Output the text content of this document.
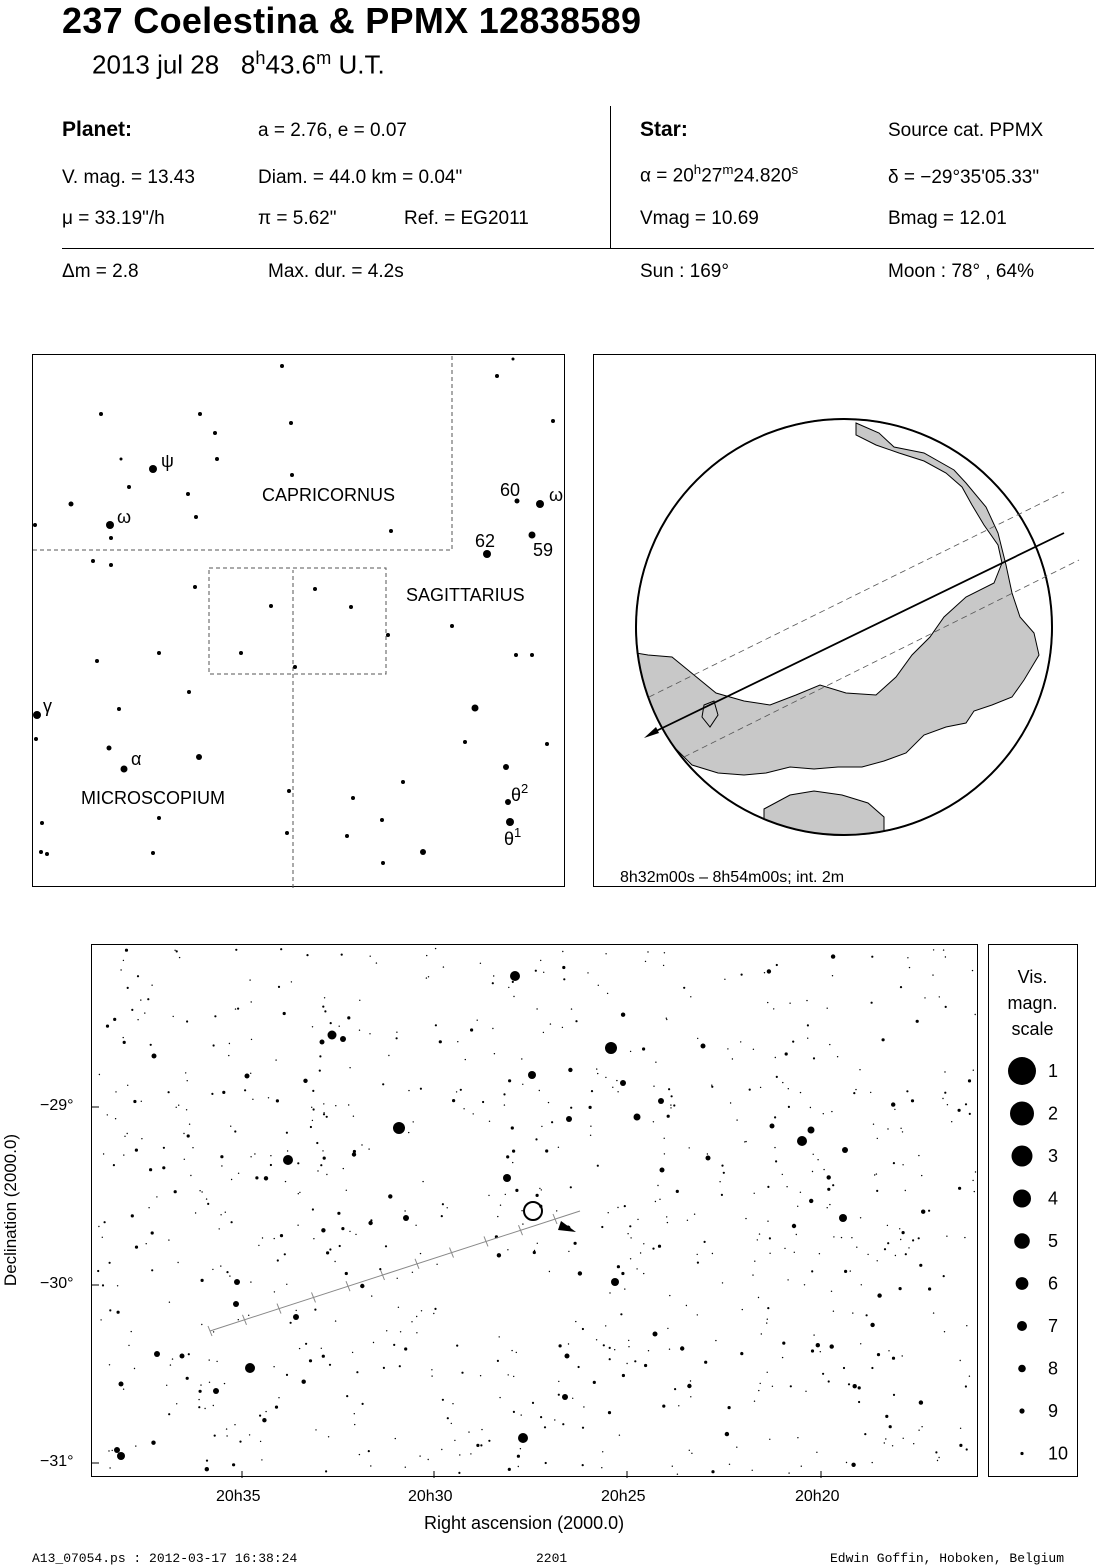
237 Coelestina & PPMX 12838589
2013 jul 28 8$^h$43.6$^m$ U.T.
Planet:	a = 2.76, e = 0.07
V. mag. = 13.43	Diam. = 44.0 km = 0.04"
μ = 33.19"/h	π = 5.62"	Ref. = EG2011
Star:	Source cat. PPMX
$\alpha = 20^h27^m24.820^s$	δ = −29°35'05.33"
Vmag = 10.69	Bmag = 12.01
Δm = 2.8	Max. dur. = 4.2s	Sun : 169°	Moon : 78° , 64%
CAPRICORNUS
SAGITTARIUS
MICROSCOPIUM
ψ
ω
60 ω
62 59
γ
α
$\theta^2$
$\theta^1$
8h32m00s – 8h54m00s; int. 2m
−29°
−30°
−31°
20h35	20h30	20h25	20h20
Declination (2000.0)
Right ascension (2000.0)
Vis.
magn.
scale
1
2
3
4
5
6
7
8
9
10
A13_07054.ps : 2012-03-17 16:38:24	2201	Edwin Goffin, Hoboken, Belgium
